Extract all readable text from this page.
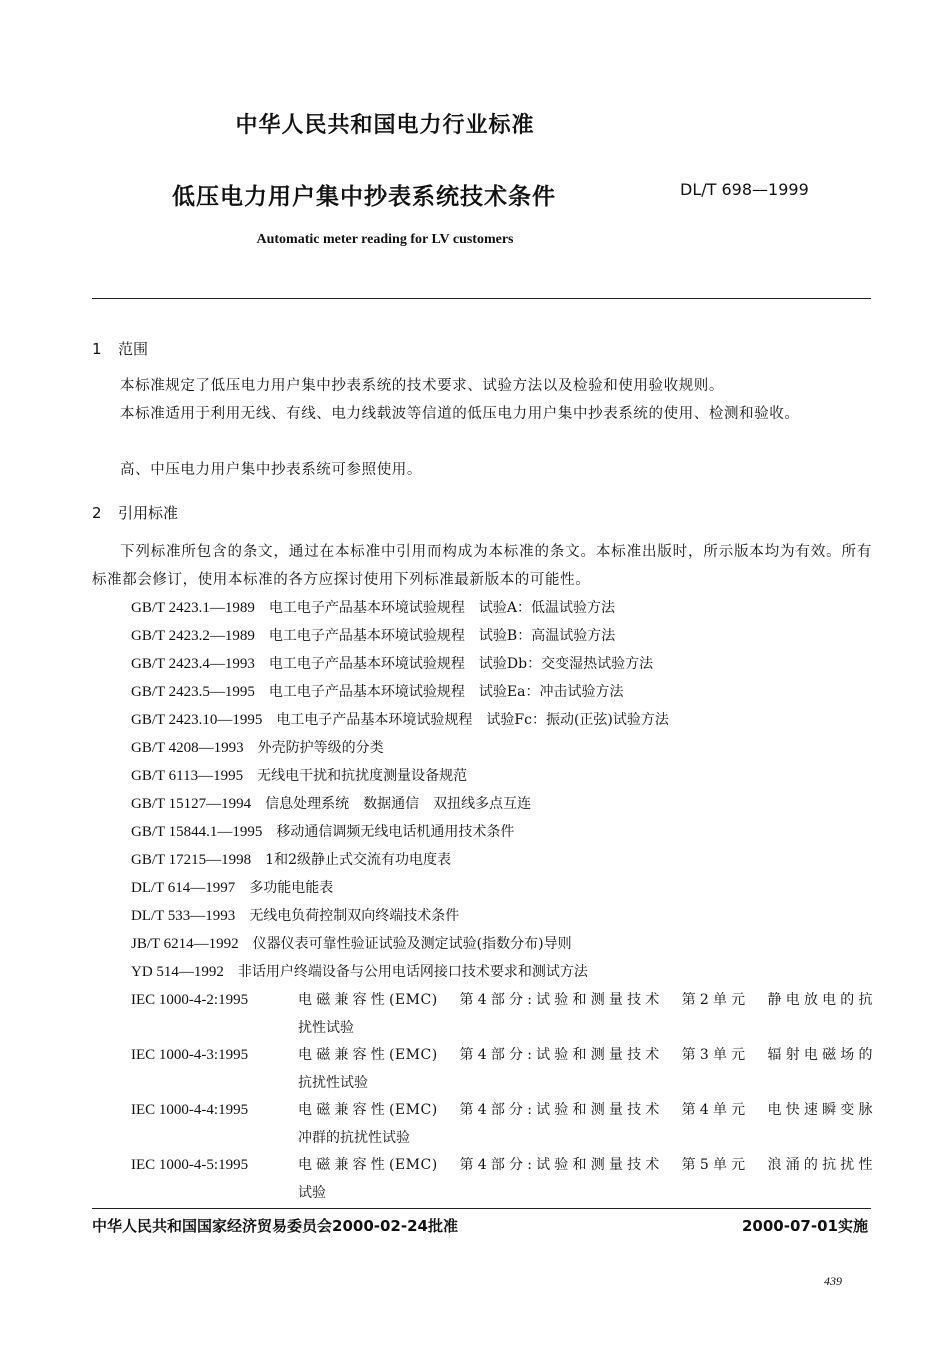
中华人民共和国电力行业标准
低压电力用户集中抄表系统技术条件	DL/T 698—1999
Automatic meter reading for LV customers
1 范围
本标准规定了低压电力用户集中抄表系统的技术要求、试验方法以及检验和使用验收规则。
本标准适用于利用无线、有线、电力线载波等信道的低压电力用户集中抄表系统的使用、检测和验收。
高、中压电力用户集中抄表系统可参照使用。
2 引用标准
下列标准所包含的条文，通过在本标准中引用而构成为本标准的条文。本标准出版时，所示版本均为有效。所有标准都会修订，使用本标准的各方应探讨使用下列标准最新版本的可能性。
GB/T 2423.1—1989 电工电子产品基本环境试验规程　试验A：低温试验方法
GB/T 2423.2—1989 电工电子产品基本环境试验规程　试验B：高温试验方法
GB/T 2423.4—1993 电工电子产品基本环境试验规程　试验Db：交变湿热试验方法
GB/T 2423.5—1995 电工电子产品基本环境试验规程　试验Ea：冲击试验方法
GB/T 2423.10—1995 电工电子产品基本环境试验规程　试验Fc：振动(正弦)试验方法
GB/T 4208—1993 外壳防护等级的分类
GB/T 6113—1995 无线电干扰和抗扰度测量设备规范
GB/T 15127—1994 信息处理系统　数据通信　双扭线多点互连
GB/T 15844.1—1995 移动通信调频无线电话机通用技术条件
GB/T 17215—1998 1和2级静止式交流有功电度表
DL/T 614—1997 多功能电能表
DL/T 533—1993 无线电负荷控制双向终端技术条件
JB/T 6214—1992 仪器仪表可靠性验证试验及测定试验(指数分布)导则
YD 514—1992 非话用户终端设备与公用电话网接口技术要求和测试方法
IEC 1000-4-2:1995	电磁兼容性(EMC)　第4部分:试验和测量技术　第2单元　静电放电的抗
扰性试验
IEC 1000-4-3:1995	电磁兼容性(EMC)　第4部分:试验和测量技术　第3单元　辐射电磁场的
抗扰性试验
IEC 1000-4-4:1995	电磁兼容性(EMC)　第4部分:试验和测量技术　第4单元　电快速瞬变脉
冲群的抗扰性试验
IEC 1000-4-5:1995	电磁兼容性(EMC)　第4部分:试验和测量技术　第5单元　浪涌的抗扰性
试验
中华人民共和国国家经济贸易委员会2000-02-24批准	2000-07-01实施
439
